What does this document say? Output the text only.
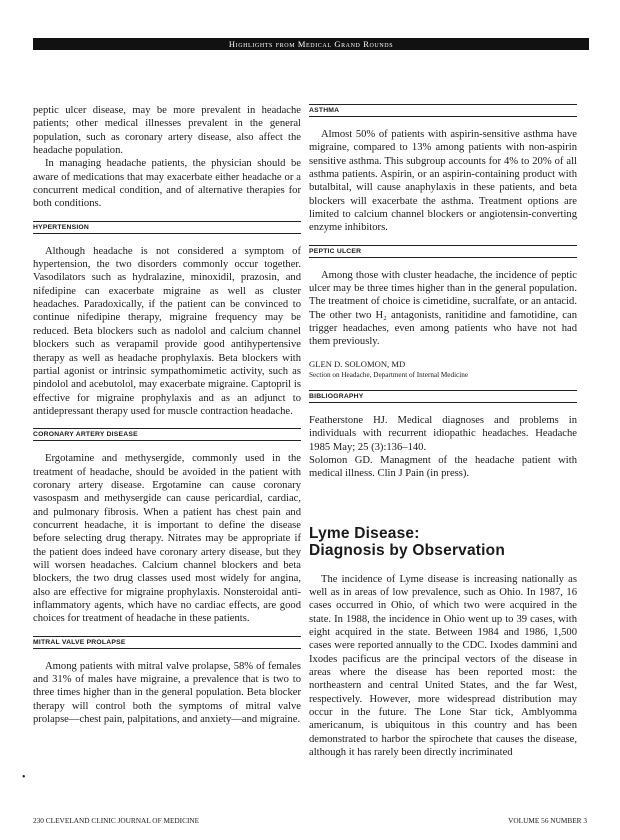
Highlights from Medical Grand Rounds

peptic ulcer disease, may be more prevalent in headache patients; other medical illnesses prevalent in the general population, such as coronary artery disease, also affect the headache population.

In managing headache patients, the physician should be aware of medications that may exacerbate either headache or a concurrent medical condition, and of alternative therapies for both conditions.

HYPERTENSION

Although headache is not considered a symptom of hypertension, the two disorders commonly occur together. Vasodilators such as hydralazine, minoxidil, prazosin, and nifedipine can exacerbate migraine as well as cluster headaches. Paradoxically, if the patient can be convinced to continue nifedipine therapy, migraine frequency may be reduced. Beta blockers such as nadolol and calcium channel blockers such as verapamil provide good antihypertensive therapy as well as headache prophylaxis. Beta blockers with partial agonist or intrinsic sympathomimetic activity, such as pindolol and acebutolol, may exacerbate migraine. Captopril is effective for migraine prophylaxis and as an adjunct to antidepressant therapy used for muscle contraction headache.

CORONARY ARTERY DISEASE

Ergotamine and methysergide, commonly used in the treatment of headache, should be avoided in the patient with coronary artery disease. Ergotamine can cause coronary vasospasm and methysergide can cause pericardial, cardiac, and pulmonary fibrosis. When a patient has chest pain and concurrent headache, it is important to define the disease before selecting drug therapy. Nitrates may be appropriate if the patient does indeed have coronary artery disease, but they will worsen headaches. Calcium channel blockers and beta blockers, the two drug classes used most widely for angina, also are effective for migraine prophylaxis. Nonsteroidal anti-inflammatory agents, which have no cardiac effects, are good choices for treatment of headache in these patients.

MITRAL VALVE PROLAPSE

Among patients with mitral valve prolapse, 58% of females and 31% of males have migraine, a prevalence that is two to three times higher than in the general population. Beta blocker therapy will control both the symptoms of mitral valve prolapse—chest pain, palpitations, and anxiety—and migraine.

ASTHMA

Almost 50% of patients with aspirin-sensitive asthma have migraine, compared to 13% among patients with non-aspirin sensitive asthma. This subgroup accounts for 4% to 20% of all asthma patients. Aspirin, or an aspirin-containing product with butalbital, will cause anaphylaxis in these patients, and beta blockers will exacerbate the asthma. Treatment options are limited to calcium channel blockers or angiotensin-converting enzyme inhibitors.

PEPTIC ULCER

Among those with cluster headache, the incidence of peptic ulcer may be three times higher than in the general population. The treatment of choice is cimetidine, sucralfate, or an antacid. The other two H₂ antagonists, ranitidine and famotidine, can trigger headaches, even among patients who have not had them previously.

GLEN D. SOLOMON, MD
Section on Headache, Department of Internal Medicine
BIBLIOGRAPHY

Featherstone HJ. Medical diagnoses and problems in individuals with recurrent idiopathic headaches. Headache 1985 May; 25 (3):136–140.

Solomon GD. Managment of the headache patient with medical illness. Clin J Pain (in press).

Lyme Disease:
Diagnosis by Observation

The incidence of Lyme disease is increasing nationally as well as in areas of low prevalence, such as Ohio. In 1987, 16 cases occurred in Ohio, of which two were acquired in the state. In 1988, the incidence in Ohio went up to 39 cases, with eight acquired in the state. Between 1984 and 1986, 1,500 cases were reported annually to the CDC. Ixodes dammini and Ixodes pacificus are the principal vectors of the disease in areas where the disease has been reported most: the northeastern and central United States, and the far West, respectively. However, more widespread distribution may occur in the future. The Lone Star tick, Amblyomma americanum, is ubiquitous in this country and has been demonstrated to harbor the spirochete that causes the disease, although it has rarely been directly incriminated

•
230 CLEVELAND CLINIC JOURNAL OF MEDICINE	VOLUME 56 NUMBER 3
